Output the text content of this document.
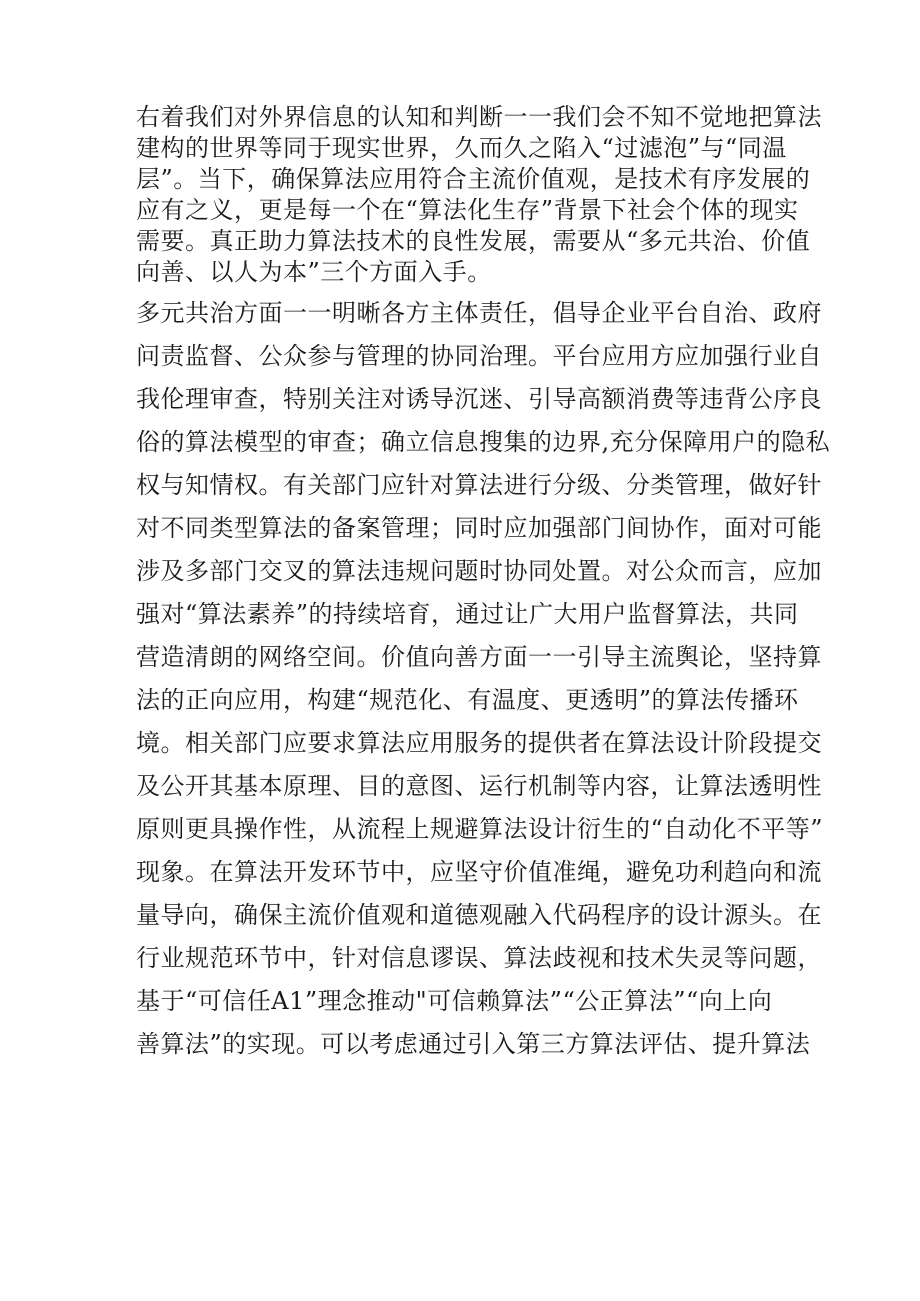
右着我们对外界信息的认知和判断一一我们会不知不觉地把算法
建构的世界等同于现实世界，久而久之陷入“过滤泡”与“同温
层”。当下，确保算法应用符合主流价值观，是技术有序发展的
应有之义，更是每一个在“算法化生存”背景下社会个体的现实
需要。真正助力算法技术的良性发展，需要从“多元共治、价值
向善、以人为本”三个方面入手。
多元共治方面一一明晰各方主体责任，倡导企业平台自治、政府
问责监督、公众参与管理的协同治理。平台应用方应加强行业自
我伦理审查，特别关注对诱导沉迷、引导高额消费等违背公序良
俗的算法模型的审查；确立信息搜集的边界,充分保障用户的隐私
权与知情权。有关部门应针对算法进行分级、分类管理，做好针
对不同类型算法的备案管理；同时应加强部门间协作，面对可能
涉及多部门交叉的算法违规问题时协同处置。对公众而言，应加
强对“算法素养”的持续培育，通过让广大用户监督算法，共同
营造清朗的网络空间。价值向善方面一一引导主流舆论，坚持算
法的正向应用，构建“规范化、有温度、更透明”的算法传播环
境。相关部门应要求算法应用服务的提供者在算法设计阶段提交
及公开其基本原理、目的意图、运行机制等内容，让算法透明性
原则更具操作性，从流程上规避算法设计衍生的“自动化不平等”
现象。在算法开发环节中，应坚守价值准绳，避免功利趋向和流
量导向，确保主流价值观和道德观融入代码程序的设计源头。在
行业规范环节中，针对信息谬误、算法歧视和技术失灵等问题，
基于“可信任A1”理念推动"可信赖算法”“公正算法”“向上向
善算法”的实现。可以考虑通过引入第三方算法评估、提升算法
